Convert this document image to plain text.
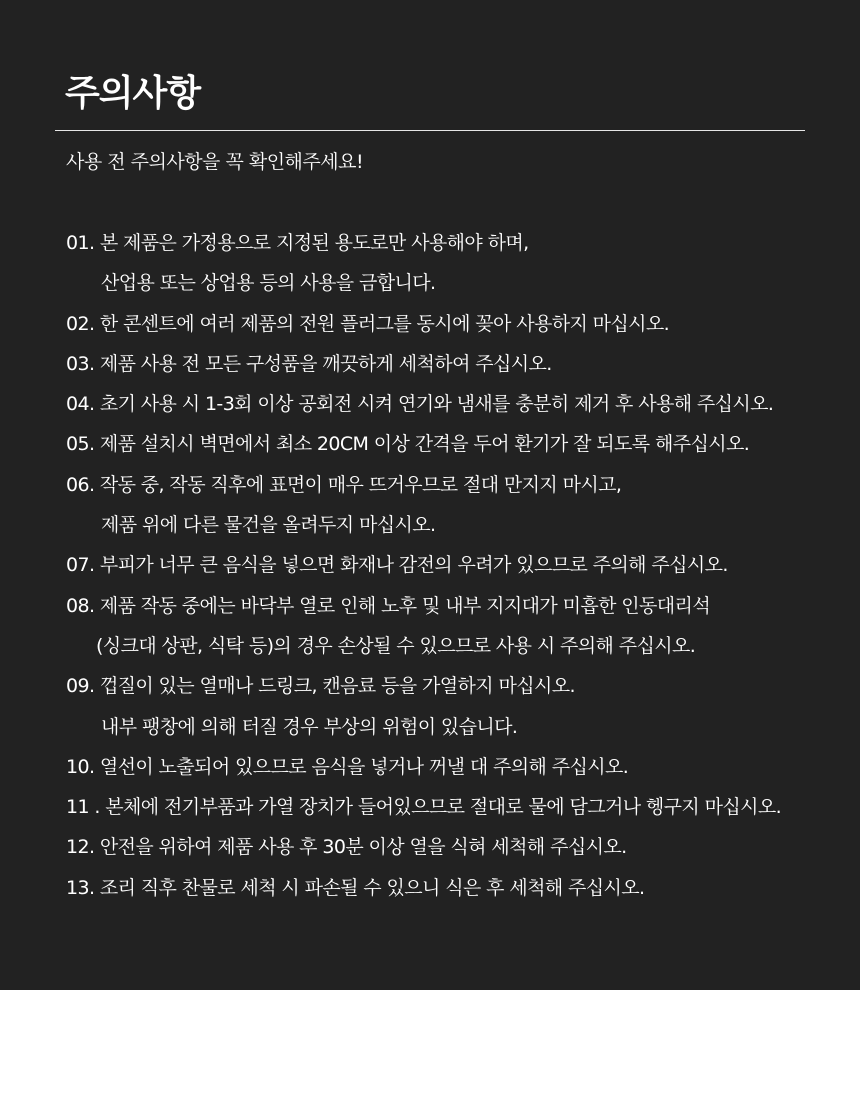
주의사항
사용 전 주의사항을 꼭 확인해주세요!
01. 본 제품은 가정용으로 지정된 용도로만 사용해야 하며,
산업용 또는 상업용 등의 사용을 금합니다.
02. 한 콘센트에 여러 제품의 전원 플러그를 동시에 꽂아 사용하지 마십시오.
03. 제품 사용 전 모든 구성품을 깨끗하게 세척하여 주십시오.
04. 초기 사용 시 1-3회 이상 공회전 시켜 연기와 냄새를 충분히 제거 후 사용해 주십시오.
05. 제품 설치시 벽면에서 최소 20CM 이상 간격을 두어 환기가 잘 되도록 해주십시오.
06. 작동 중, 작동 직후에 표면이 매우 뜨거우므로 절대 만지지 마시고,
제품 위에 다른 물건을 올려두지 마십시오.
07. 부피가 너무 큰 음식을 넣으면 화재나 감전의 우려가 있으므로 주의해 주십시오.
08. 제품 작동 중에는 바닥부 열로 인해 노후 및 내부 지지대가 미흡한 인동대리석
(싱크대 상판, 식탁 등)의 경우 손상될 수 있으므로 사용 시 주의해 주십시오.
09. 껍질이 있는 열매나 드링크, 캔음료 등을 가열하지 마십시오.
내부 팽창에 의해 터질 경우 부상의 위험이 있습니다.
10. 열선이 노출되어 있으므로 음식을 넣거나 꺼낼 대 주의해 주십시오.
11 . 본체에 전기부품과 가열 장치가 들어있으므로 절대로 물에 담그거나 헹구지 마십시오.
12. 안전을 위하여 제품 사용 후 30분 이상 열을 식혀 세척해 주십시오.
13. 조리 직후 찬물로 세척 시 파손될 수 있으니 식은 후 세척해 주십시오.
